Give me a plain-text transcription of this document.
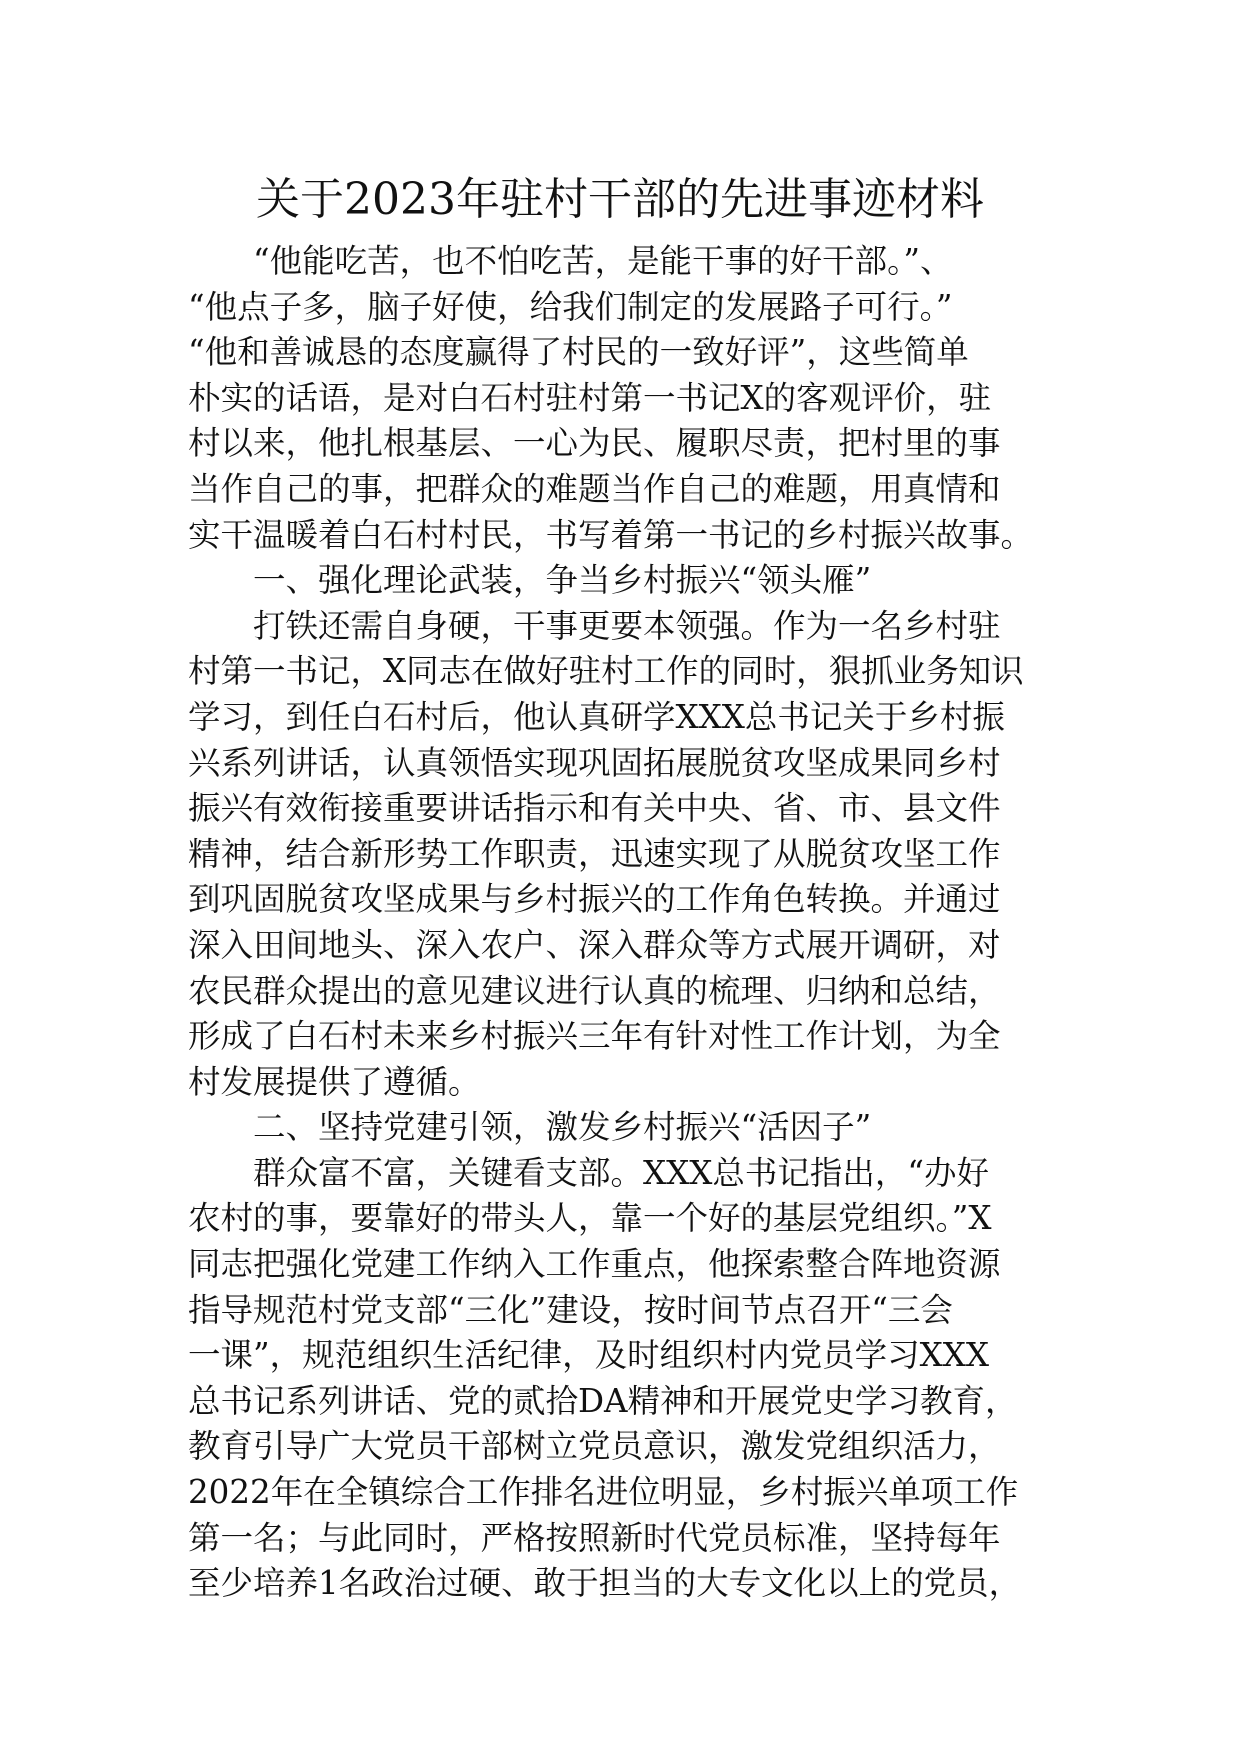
关于2023年驻村干部的先进事迹材料
“他能吃苦，也不怕吃苦，是能干事的好干部。”、
“他点子多，脑子好使，给我们制定的发展路子可行。”
“他和善诚恳的态度赢得了村民的一致好评”，这些简单
朴实的话语，是对白石村驻村第一书记X的客观评价，驻
村以来，他扎根基层、一心为民、履职尽责，把村里的事
当作自己的事，把群众的难题当作自己的难题，用真情和
实干温暖着白石村村民，书写着第一书记的乡村振兴故事。
一、强化理论武装，争当乡村振兴“领头雁”
打铁还需自身硬，干事更要本领强。作为一名乡村驻
村第一书记，X同志在做好驻村工作的同时，狠抓业务知识
学习，到任白石村后，他认真研学XXX总书记关于乡村振
兴系列讲话，认真领悟实现巩固拓展脱贫攻坚成果同乡村
振兴有效衔接重要讲话指示和有关中央、省、市、县文件
精神，结合新形势工作职责，迅速实现了从脱贫攻坚工作
到巩固脱贫攻坚成果与乡村振兴的工作角色转换。并通过
深入田间地头、深入农户、深入群众等方式展开调研，对
农民群众提出的意见建议进行认真的梳理、归纳和总结，
形成了白石村未来乡村振兴三年有针对性工作计划，为全
村发展提供了遵循。
二、坚持党建引领，激发乡村振兴“活因子”
群众富不富，关键看支部。XXX总书记指出，“办好
农村的事，要靠好的带头人，靠一个好的基层党组织。”X
同志把强化党建工作纳入工作重点，他探索整合阵地资源
指导规范村党支部“三化”建设，按时间节点召开“三会
一课”，规范组织生活纪律，及时组织村内党员学习XXX
总书记系列讲话、党的贰拾DA精神和开展党史学习教育，
教育引导广大党员干部树立党员意识，激发党组织活力，
2022年在全镇综合工作排名进位明显，乡村振兴单项工作
第一名；与此同时，严格按照新时代党员标准，坚持每年
至少培养1名政治过硬、敢于担当的大专文化以上的党员，
